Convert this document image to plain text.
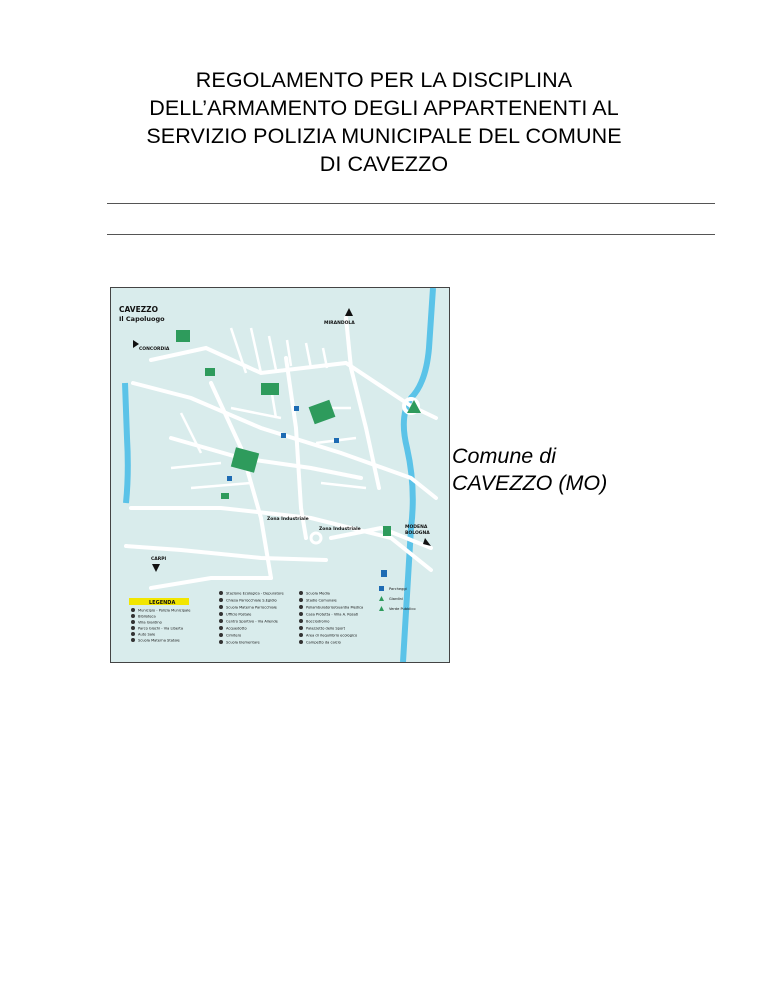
REGOLAMENTO PER LA DISCIPLINA
DELL’ARMAMENTO DEGLI APPARTENENTI AL
SERVIZIO POLIZIA MUNICIPALE DEL COMUNE
DI CAVEZZO
CAVEZZO
Il Capoluogo
MIRANDOLA
CONCORDIA
CARPI
MODENA
BOLOGNA
Zona Industriale
Zona Industriale
LEGENDA
Municipio - Polizia Municipale
Biblioteca
Villa Giardino
Parco Giochi - Via Liberta
Auto Sale
Scuola Materna Statale
Stazione Ecologica - Depuratore
Chiesa Parrocchiale S.Egidio
Scuola Materna Parrocchiale
Ufficio Postale
Centro Sportivo - Via Allende
Acquedotto
Cimitero
Scuola Elementare
Scuola Media
Stadio Comunale
Poliambulatorio/Guardia Medica
Casa Protetta - Villa A. Rosati
Bocciodromo
Palazzetto dello Sport
Area di riequilibrio ecologico
Campetto da calcio
Parcheggi
Giardini
Verde Pubblico
Comune di
CAVEZZO (MO)
